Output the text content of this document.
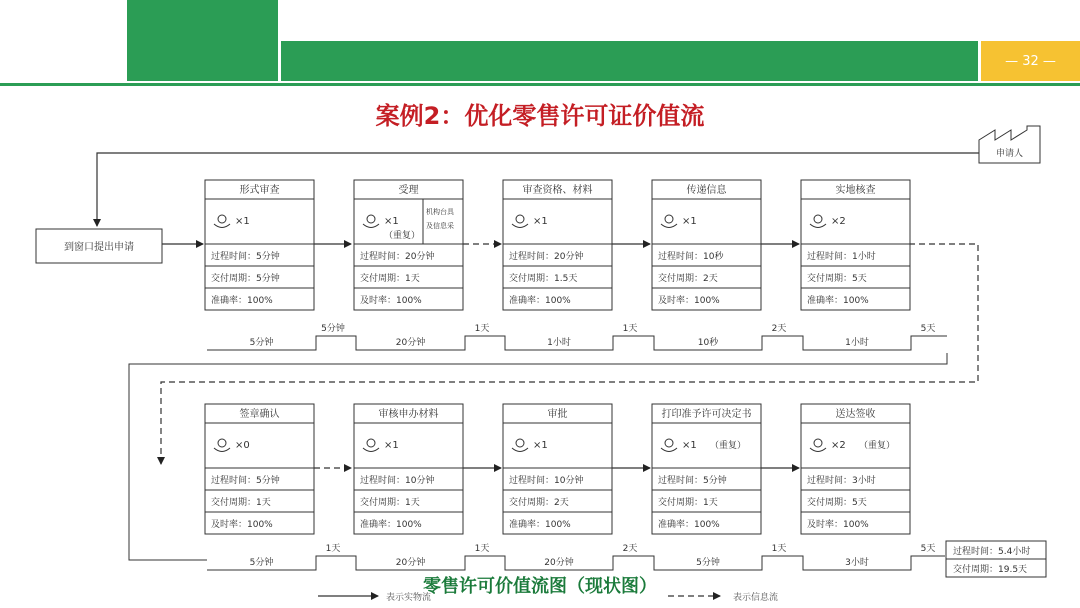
— 32 —
案例2：优化零售许可证价值流
申请人
到窗口提出申请
形式审查
×1
过程时间：5分钟
交付周期：5分钟
准确率：100%
受理
×1
（重复）
机构台具
及信息采
过程时间：20分钟
交付周期：1天
及时率：100%
审查资格、材料
×1
过程时间：20分钟
交付周期：1.5天
准确率：100%
传递信息
×1
过程时间：10秒
交付周期：2天
及时率：100%
实地核查
×2
过程时间：1小时
交付周期：5天
准确率：100%
签章确认
×0
过程时间：5分钟
交付周期：1天
及时率：100%
审核申办材料
×1
过程时间：10分钟
交付周期：1天
准确率：100%
审批
×1
过程时间：10分钟
交付周期：2天
准确率：100%
打印准予许可决定书
×1 （重复）
过程时间：5分钟
交付周期：1天
准确率：100%
送达签收
×2 （重复）
过程时间：3小时
交付周期：5天
及时率：100%
5分钟
5分钟
20分钟
1天
1小时
1天
10秒
2天
1小时
5天
5分钟
1天
20分钟
1天
20分钟
2天
5分钟
1天
3小时
5天 过程时间：5.4小时
交付周期：19.5天
表示实物流	表示信息流
零售许可价值流图（现状图）
